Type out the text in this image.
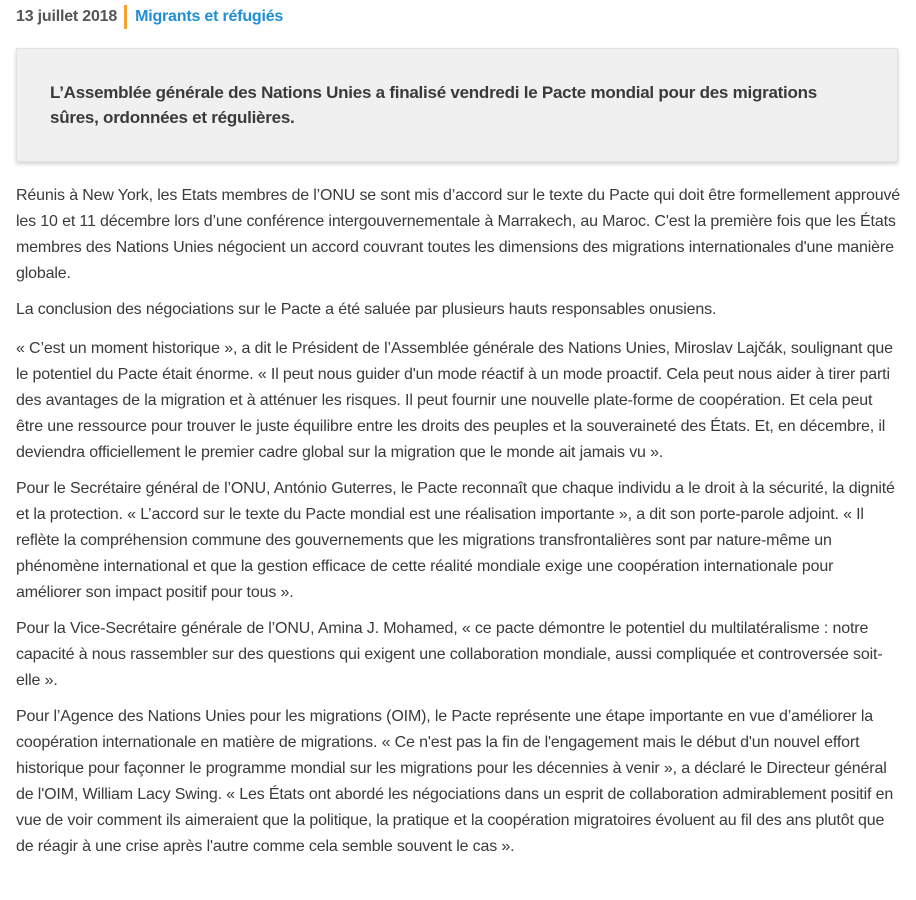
13 juillet 2018 Migrants et réfugiés

L’Assemblée générale des Nations Unies a finalisé vendredi le Pacte mondial pour des migrations sûres, ordonnées et régulières.

Réunis à New York, les Etats membres de l’ONU se sont mis d’accord sur le texte du Pacte qui doit être formellement approuvé les 10 et 11 décembre lors d’une conférence intergouvernementale à Marrakech, au Maroc. C'est la première fois que les États membres des Nations Unies négocient un accord couvrant toutes les dimensions des migrations internationales d'une manière globale.

La conclusion des négociations sur le Pacte a été saluée par plusieurs hauts responsables onusiens.

« C’est un moment historique », a dit le Président de l’Assemblée générale des Nations Unies, Miroslav Lajčák, soulignant que le potentiel du Pacte était énorme. « Il peut nous guider d'un mode réactif à un mode proactif. Cela peut nous aider à tirer parti des avantages de la migration et à atténuer les risques. Il peut fournir une nouvelle plate-forme de coopération. Et cela peut être une ressource pour trouver le juste équilibre entre les droits des peuples et la souveraineté des États. Et, en décembre, il deviendra officiellement le premier cadre global sur la migration que le monde ait jamais vu ».

Pour le Secrétaire général de l’ONU, António Guterres, le Pacte reconnaît que chaque individu a le droit à la sécurité, la dignité et la protection. « L’accord sur le texte du Pacte mondial est une réalisation importante », a dit son porte-parole adjoint. « Il reflète la compréhension commune des gouvernements que les migrations transfrontalières sont par nature-même un phénomène international et que la gestion efficace de cette réalité mondiale exige une coopération internationale pour améliorer son impact positif pour tous ».

Pour la Vice-Secrétaire générale de l’ONU, Amina J. Mohamed, « ce pacte démontre le potentiel du multilatéralisme : notre capacité à nous rassembler sur des questions qui exigent une collaboration mondiale, aussi compliquée et controversée soit-elle ».

Pour l’Agence des Nations Unies pour les migrations (OIM), le Pacte représente une étape importante en vue d’améliorer la coopération internationale en matière de migrations. « Ce n'est pas la fin de l'engagement mais le début d'un nouvel effort historique pour façonner le programme mondial sur les migrations pour les décennies à venir », a déclaré le Directeur général de l'OIM, William Lacy Swing. « Les États ont abordé les négociations dans un esprit de collaboration admirablement positif en vue de voir comment ils aimeraient que la politique, la pratique et la coopération migratoires évoluent au fil des ans plutôt que de réagir à une crise après l'autre comme cela semble souvent le cas ».
